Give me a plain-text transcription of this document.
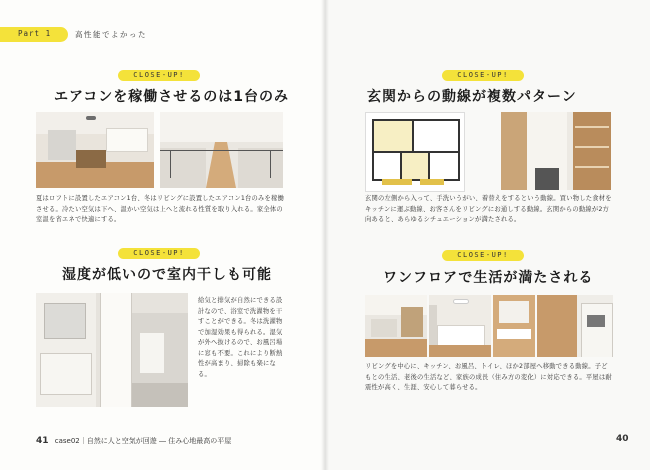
Part 1	高性能でよかった
CLOSE-UP!
エアコンを稼働させるのは1台のみ
夏はロフトに設置したエアコン1台、冬はリビングに設置したエアコン1台のみを稼働させる。冷たい空気は下へ、温かい空気は上へと流れる性質を取り入れる。家全体の室温を省エネで快適にする。
CLOSE-UP!
湿度が低いので室内干しも可能
給気と排気が自然にできる設計なので、浴室で洗濯物を干すことができる。冬は洗濯物で加湿効果も得られる。湿気が外へ抜けるので、お風呂場に窓も不要。これにより断熱性が高まり、掃除も楽になる。
41 case02｜自然に人と空気が回遊 ― 住み心地最高の平屋
CLOSE-UP!
玄関からの動線が複数パターン
玄関の左側から入って、手洗いうがい、着替えをするという動線。買い物した食材をキッチンに運ぶ動線、お客さんをリビングにお通しする動線。玄関からの動線が2方向あると、あらゆるシチュエーションが満たされる。
CLOSE-UP!
ワンフロアで生活が満たされる
リビングを中心に、キッチン、お風呂、トイレ、ほか2部屋へ移動できる動線。子どもとの生活、老後の生活など、家族の成長（住み方の変化）に対応できる。平屋は耐震性が高く、生涯、安心して暮らせる。
40
